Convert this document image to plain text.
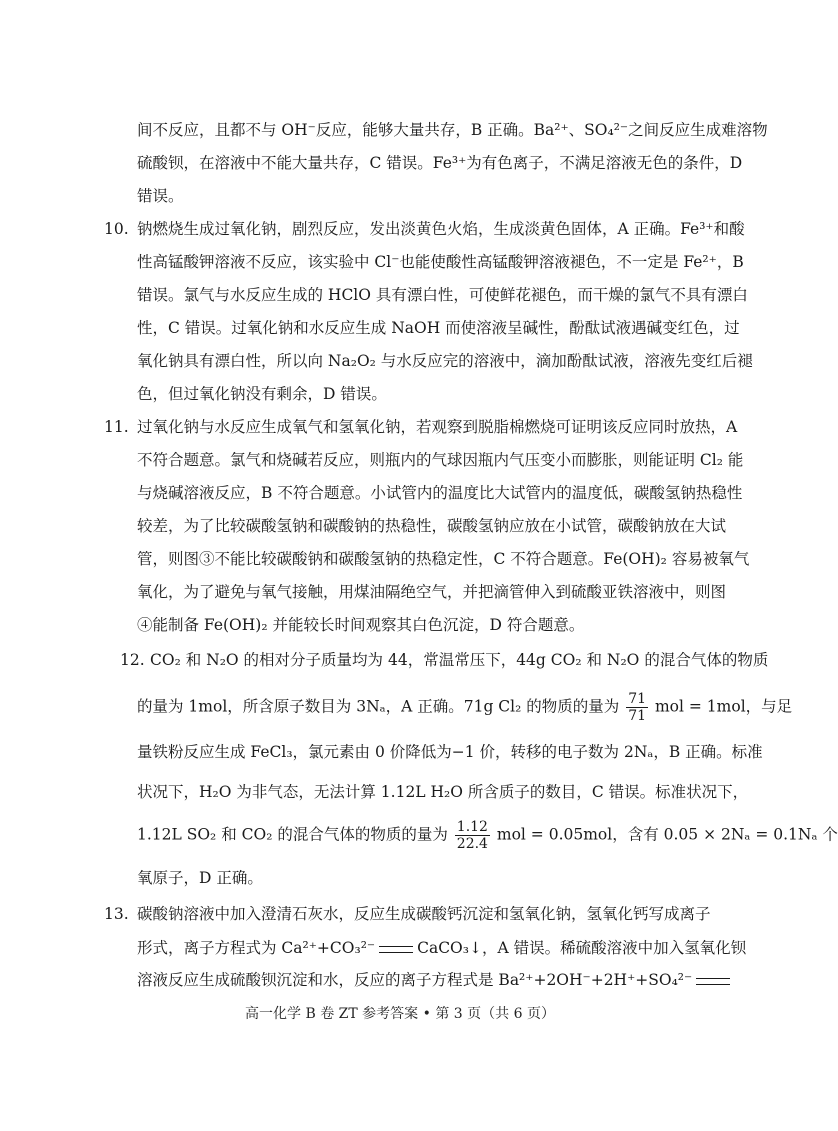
间不反应，且都不与 OH⁻反应，能够大量共存，B 正确。Ba²⁺、SO₄²⁻之间反应生成难溶物
硫酸钡，在溶液中不能大量共存，C 错误。Fe³⁺为有色离子，不满足溶液无色的条件，D
错误。
10. 钠燃烧生成过氧化钠，剧烈反应，发出淡黄色火焰，生成淡黄色固体，A 正确。Fe³⁺和酸
性高锰酸钾溶液不反应，该实验中 Cl⁻也能使酸性高锰酸钾溶液褪色，不一定是 Fe²⁺，B
错误。氯气与水反应生成的 HClO 具有漂白性，可使鲜花褪色，而干燥的氯气不具有漂白
性，C 错误。过氧化钠和水反应生成 NaOH 而使溶液呈碱性，酚酞试液遇碱变红色，过
氧化钠具有漂白性，所以向 Na₂O₂ 与水反应完的溶液中，滴加酚酞试液，溶液先变红后褪
色，但过氧化钠没有剩余，D 错误。
11. 过氧化钠与水反应生成氧气和氢氧化钠，若观察到脱脂棉燃烧可证明该反应同时放热，A
不符合题意。氯气和烧碱若反应，则瓶内的气球因瓶内气压变小而膨胀，则能证明 Cl₂ 能
与烧碱溶液反应，B 不符合题意。小试管内的温度比大试管内的温度低，碳酸氢钠热稳性
较差，为了比较碳酸氢钠和碳酸钠的热稳性，碳酸氢钠应放在小试管，碳酸钠放在大试
管，则图③不能比较碳酸钠和碳酸氢钠的热稳定性，C 不符合题意。Fe(OH)₂ 容易被氧气
氧化，为了避免与氧气接触，用煤油隔绝空气，并把滴管伸入到硫酸亚铁溶液中，则图
④能制备 Fe(OH)₂ 并能较长时间观察其白色沉淀，D 符合题意。
12. CO₂ 和 N₂O 的相对分子质量均为 44，常温常压下，44g CO₂ 和 N₂O 的混合气体的物质
的量为 1mol，所含原子数目为 3Nₐ，A 正确。71g Cl₂ 的物质的量为 $\frac{71}{71}$ mol = 1mol，与足
量铁粉反应生成 FeCl₃，氯元素由 0 价降低为−1 价，转移的电子数为 2Nₐ，B 正确。标准
状况下，H₂O 为非气态，无法计算 1.12L H₂O 所含质子的数目，C 错误。标准状况下，
1.12L SO₂ 和 CO₂ 的混合气体的物质的量为 $\frac{1.12}{22.4}$ mol = 0.05mol，含有 0.05 × 2Nₐ = 0.1Nₐ 个
氧原子，D 正确。
13. 碳酸钠溶液中加入澄清石灰水，反应生成碳酸钙沉淀和氢氧化钠，氢氧化钙写成离子
形式，离子方程式为 Ca²⁺+CO₃²⁻	CaCO₃↓，A 错误。稀硫酸溶液中加入氢氧化钡
溶液反应生成硫酸钡沉淀和水，反应的离子方程式是 Ba²⁺+2OH⁻+2H⁺+SO₄²⁻
高一化学 B 卷 ZT 参考答案 • 第 3 页（共 6 页）
